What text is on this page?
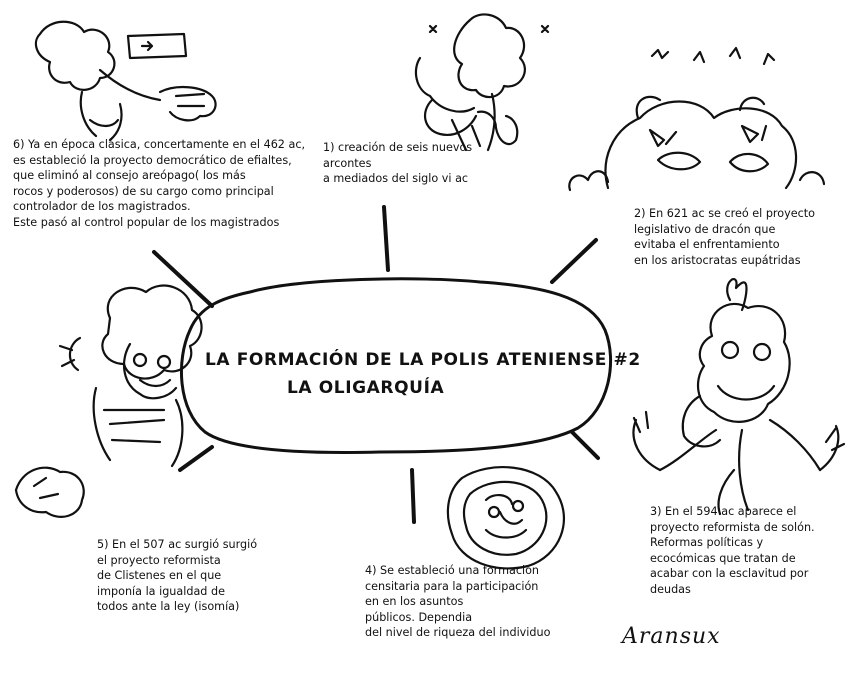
LA FORMACIÓN DE LA POLIS ATENIENSE #2
LA OLIGARQUÍA
1) creación de seis nuevos
arcontes
a mediados del siglo vi ac
2) En 621 ac se creó el proyecto
legislativo de dracón que
evitaba el enfrentamiento
en los aristocratas eupátridas
3) En el 594 ac aparece el
proyecto reformista de solón.
Reformas políticas y
ecocómicas que tratan de
acabar con la esclavitud por
deudas
4) Se estableció una formación
censitaria para la participación
en en los asuntos
públicos. Dependia
del nivel de riqueza del individuo
5) En el 507 ac surgió surgió
el proyecto reformista
de Clistenes en el que
imponía la igualdad de
todos ante la ley (isomía)
6) Ya en época clásica, concertamente en el 462 ac,
es estableció la proyecto democrático de efialtes,
que eliminó al consejo areópago( los más
rocos y poderosos) de su cargo como principal
controlador de los magistrados.
Este pasó al control popular de los magistrados
Aransux
